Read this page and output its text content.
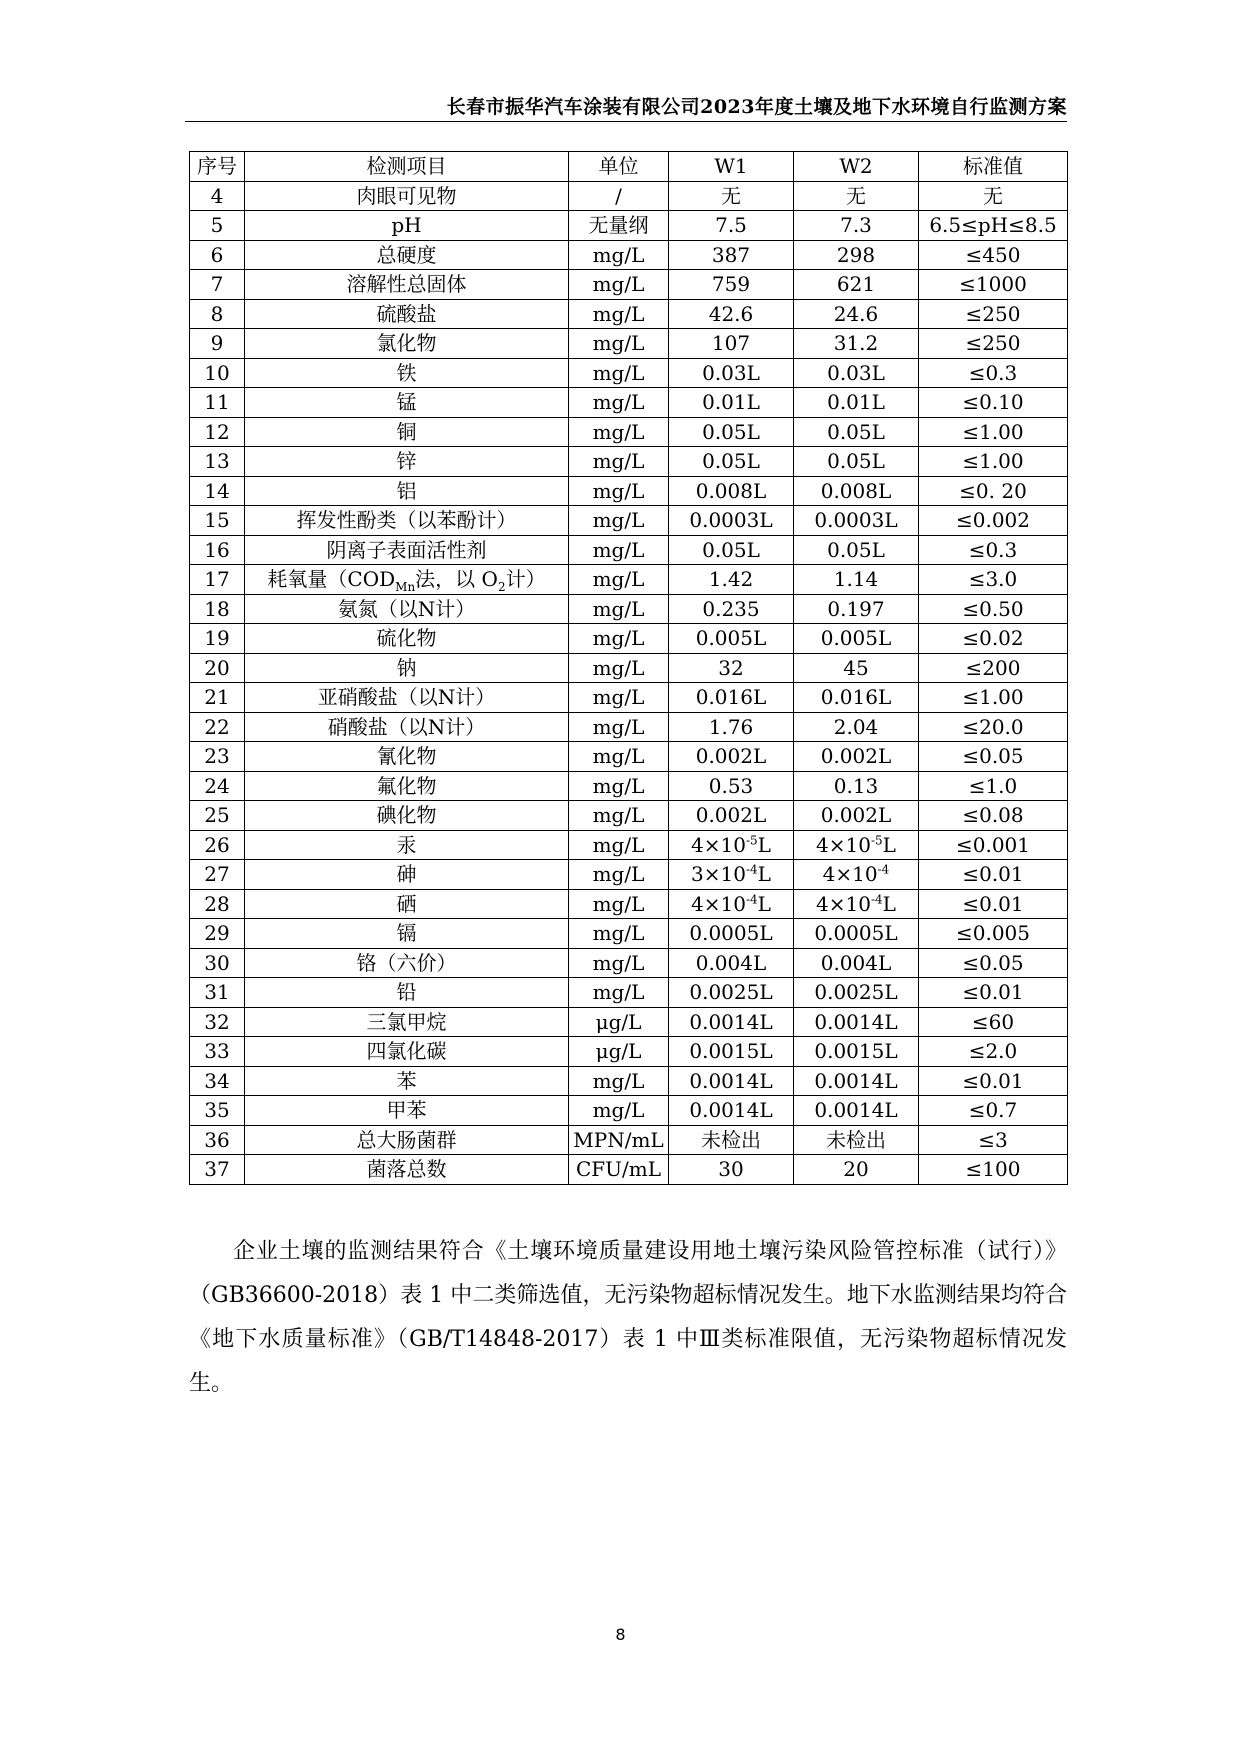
长春市振华汽车涂装有限公司2023年度土壤及地下水环境自行监测方案
序号	检测项目	单位	W1	W2	标准值
4	肉眼可见物	/	无	无	无
5	pH	无量纲	7.5	7.3	6.5≤pH≤8.5
6	总硬度	mg/L	387	298	≤450
7	溶解性总固体	mg/L	759	621	≤1000
8	硫酸盐	mg/L	42.6	24.6	≤250
9	氯化物	mg/L	107	31.2	≤250
10	铁	mg/L	0.03L	0.03L	≤0.3
11	锰	mg/L	0.01L	0.01L	≤0.10
12	铜	mg/L	0.05L	0.05L	≤1.00
13	锌	mg/L	0.05L	0.05L	≤1.00
14	铝	mg/L	0.008L	0.008L	≤0. 20
15	挥发性酚类（以苯酚计）	mg/L	0.0003L	0.0003L	≤0.002
16	阴离子表面活性剂	mg/L	0.05L	0.05L	≤0.3
17	耗氧量（$COD_{Mn}$法，以 $O_2$计）	mg/L	1.42	1.14	≤3.0
18	氨氮（以N计）	mg/L	0.235	0.197	≤0.50
19	硫化物	mg/L	0.005L	0.005L	≤0.02
20	钠	mg/L	32	45	≤200
21	亚硝酸盐（以N计）	mg/L	0.016L	0.016L	≤1.00
22	硝酸盐（以N计）	mg/L	1.76	2.04	≤20.0
23	氰化物	mg/L	0.002L	0.002L	≤0.05
24	氟化物	mg/L	0.53	0.13	≤1.0
25	碘化物	mg/L	0.002L	0.002L	≤0.08
26	汞	mg/L	$4\times 10^{-5}L$	$4\times 10^{-5}L$	≤0.001
27	砷	mg/L	$3\times 10^{-4}L$	$4\times 10^{-4}$	≤0.01
28	硒	mg/L	$4\times 10^{-4}L$	$4\times 10^{-4}L$	≤0.01
29	镉	mg/L	0.0005L	0.0005L	≤0.005
30	铬（六价）	mg/L	0.004L	0.004L	≤0.05
31	铅	mg/L	0.0025L	0.0025L	≤0.01
32	三氯甲烷	μg/L	0.0014L	0.0014L	≤60
33	四氯化碳	μg/L	0.0015L	0.0015L	≤2.0
34	苯	mg/L	0.0014L	0.0014L	≤0.01
35	甲苯	mg/L	0.0014L	0.0014L	≤0.7
36	总大肠菌群	MPN/mL	未检出	未检出	≤3
37	菌落总数	CFU/mL	30	20	≤100

企业土壤的监测结果符合《土壤环境质量建设用地土壤污染风险管控标准（试行）》（GB36600-2018）表 1 中二类筛选值，无污染物超标情况发生。地下水监测结果均符合《地下水质量标准》（GB/T14848-2017）表 1 中Ⅲ类标准限值，无污染物超标情况发生。

8
